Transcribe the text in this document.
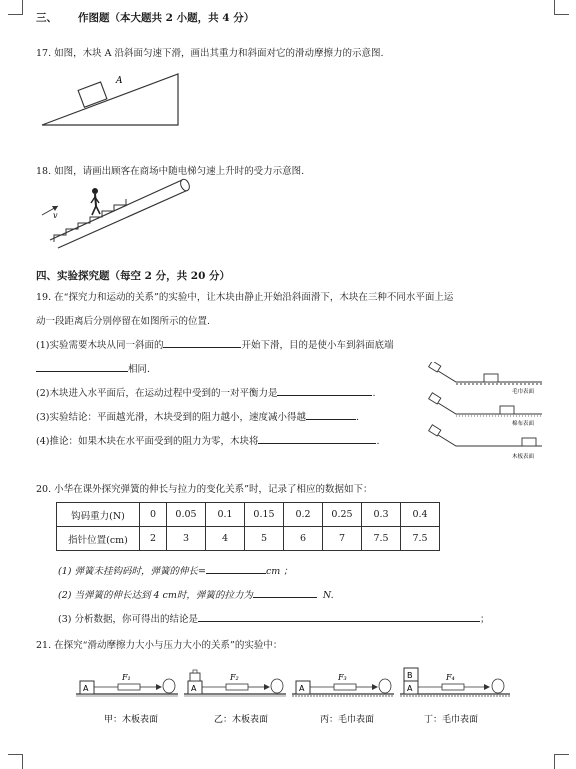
三、 作图题（本大题共 2 小题，共 4 分）
17. 如图，木块 A 沿斜面匀速下滑，画出其重力和斜面对它的滑动摩擦力的示意图.
A
18. 如图，请画出顾客在商场中随电梯匀速上升时的受力示意图.
v
四、实验探究题（每空 2 分，共 20 分）
19. 在“探究力和运动的关系”的实验中，让木块由静止开始沿斜面滑下，木块在三种不同水平面上运
动一段距离后分别停留在如图所示的位置.
(1)实验需要木块从同一斜面的	开始下滑，目的是使小车到斜面底端
相同.
(2)木块进入水平面后，在运动过程中受到的一对平衡力是	.
(3)实验结论：平面越光滑，木块受到的阻力越小，速度减小得越	.
(4)推论：如果木块在水平面受到的阻力为零，木块将	.
毛巾表面
棉布表面
木板表面
20. 小华在课外探究弹簧的伸长与拉力的变化关系”时，记录了相应的数据如下：
钩码重力(N)	0	0.05	0.1	0.15	0.2	0.25	0.3	0.4
指针位置(cm)	2	3	4	5	6	7	7.5	7.5
(1) 弹簧未挂钩码时，弹簧的伸长=	cm ；
(2) 当弹簧的伸长达到 4 cm时，弹簧的拉力为	N.
(3) 分析数据，你可得出的结论是	；
21. 在探究“滑动摩擦力大小与压力大小的关系”的实验中：
A
F₁
甲：木板表面
A
F₂
乙：木板表面
A
F₃
丙：毛巾表面
A
B	F₄
丁：毛巾表面
